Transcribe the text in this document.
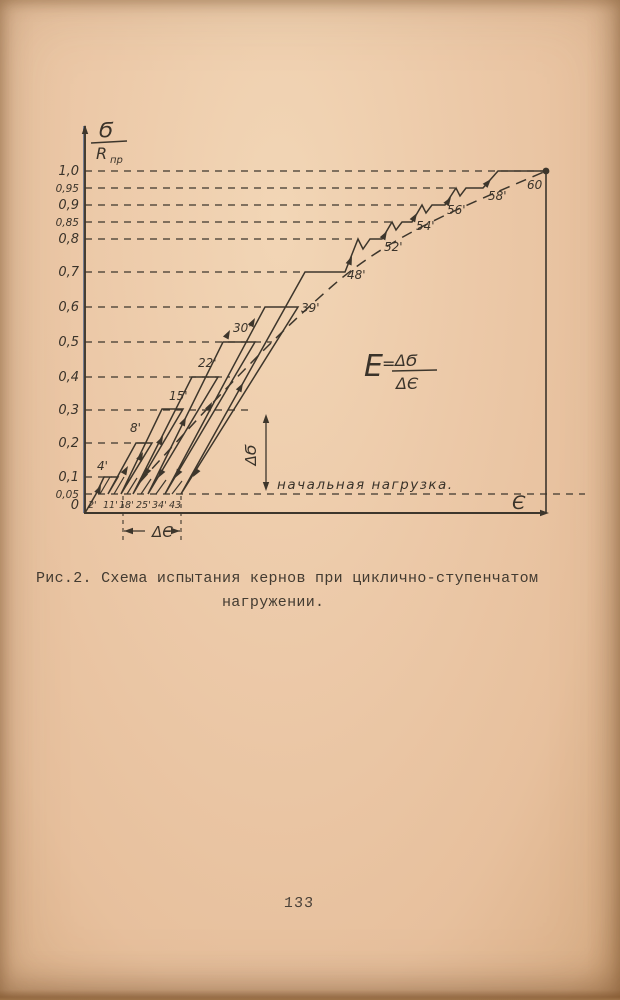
1,0
0,95
0,9
0,85
0,8
0,7
0,6
0,5
0,4
0,3
0,2
0,1
0,05
0
Ϭ
R пр
Є
2' 11' 18' 25' 34' 43
4'
8'
15'
22'
30'
39'
48'
52'
54'
56'
58'
60
ΔϬ
ΔЄ
начальная нагрузка.
E = ΔϬ
ΔЄ
Рис.2. Схема испытания кернов при циклично-ступенчатом
нагружении.
133
